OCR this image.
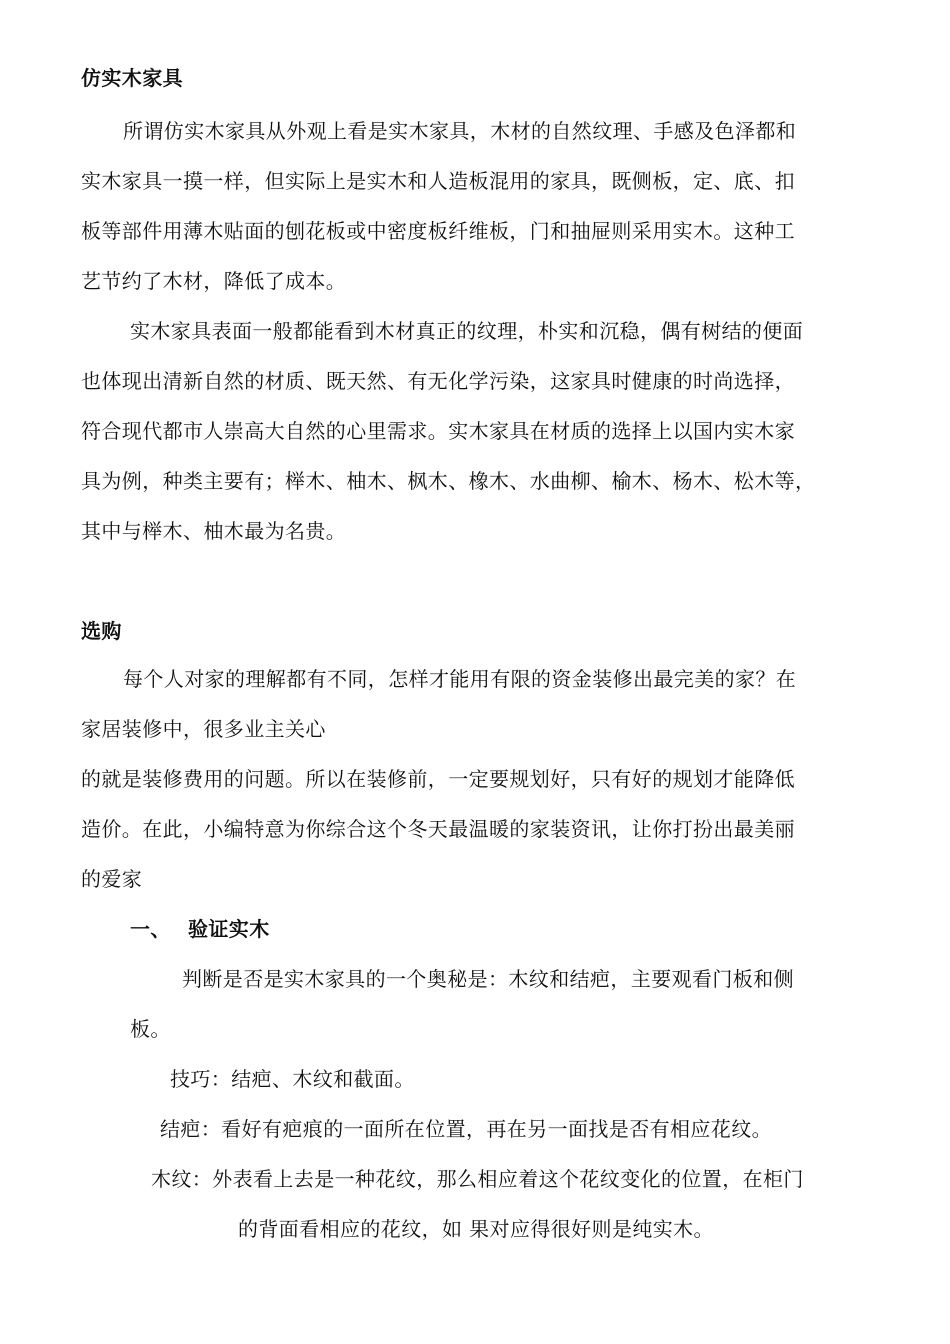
仿实木家具
所谓仿实木家具从外观上看是实木家具，木材的自然纹理、手感及色泽都和
实木家具一摸一样，但实际上是实木和人造板混用的家具，既侧板，定、底、扣
板等部件用薄木贴面的刨花板或中密度板纤维板，门和抽屉则采用实木。这种工
艺节约了木材，降低了成本。
实木家具表面一般都能看到木材真正的纹理，朴实和沉稳，偶有树结的便面
也体现出清新自然的材质、既天然、有无化学污染，这家具时健康的时尚选择，
符合现代都市人崇高大自然的心里需求。实木家具在材质的选择上以国内实木家
具为例，种类主要有；榉木、柚木、枫木、橡木、水曲柳、榆木、杨木、松木等，
其中与榉木、柚木最为名贵。
选购
每个人对家的理解都有不同，怎样才能用有限的资金装修出最完美的家？在
家居装修中，很多业主关心
的就是装修费用的问题。所以在装修前，一定要规划好，只有好的规划才能降低
造价。在此，小编特意为你综合这个冬天最温暖的家装资讯，让你打扮出最美丽
的爱家
一、 验证实木
判断是否是实木家具的一个奥秘是：木纹和结疤，主要观看门板和侧
板。
技巧：结疤、木纹和截面。
结疤：看好有疤痕的一面所在位置，再在另一面找是否有相应花纹。
木纹：外表看上去是一种花纹，那么相应着这个花纹变化的位置，在柜门
的背面看相应的花纹，如 果对应得很好则是纯实木。
